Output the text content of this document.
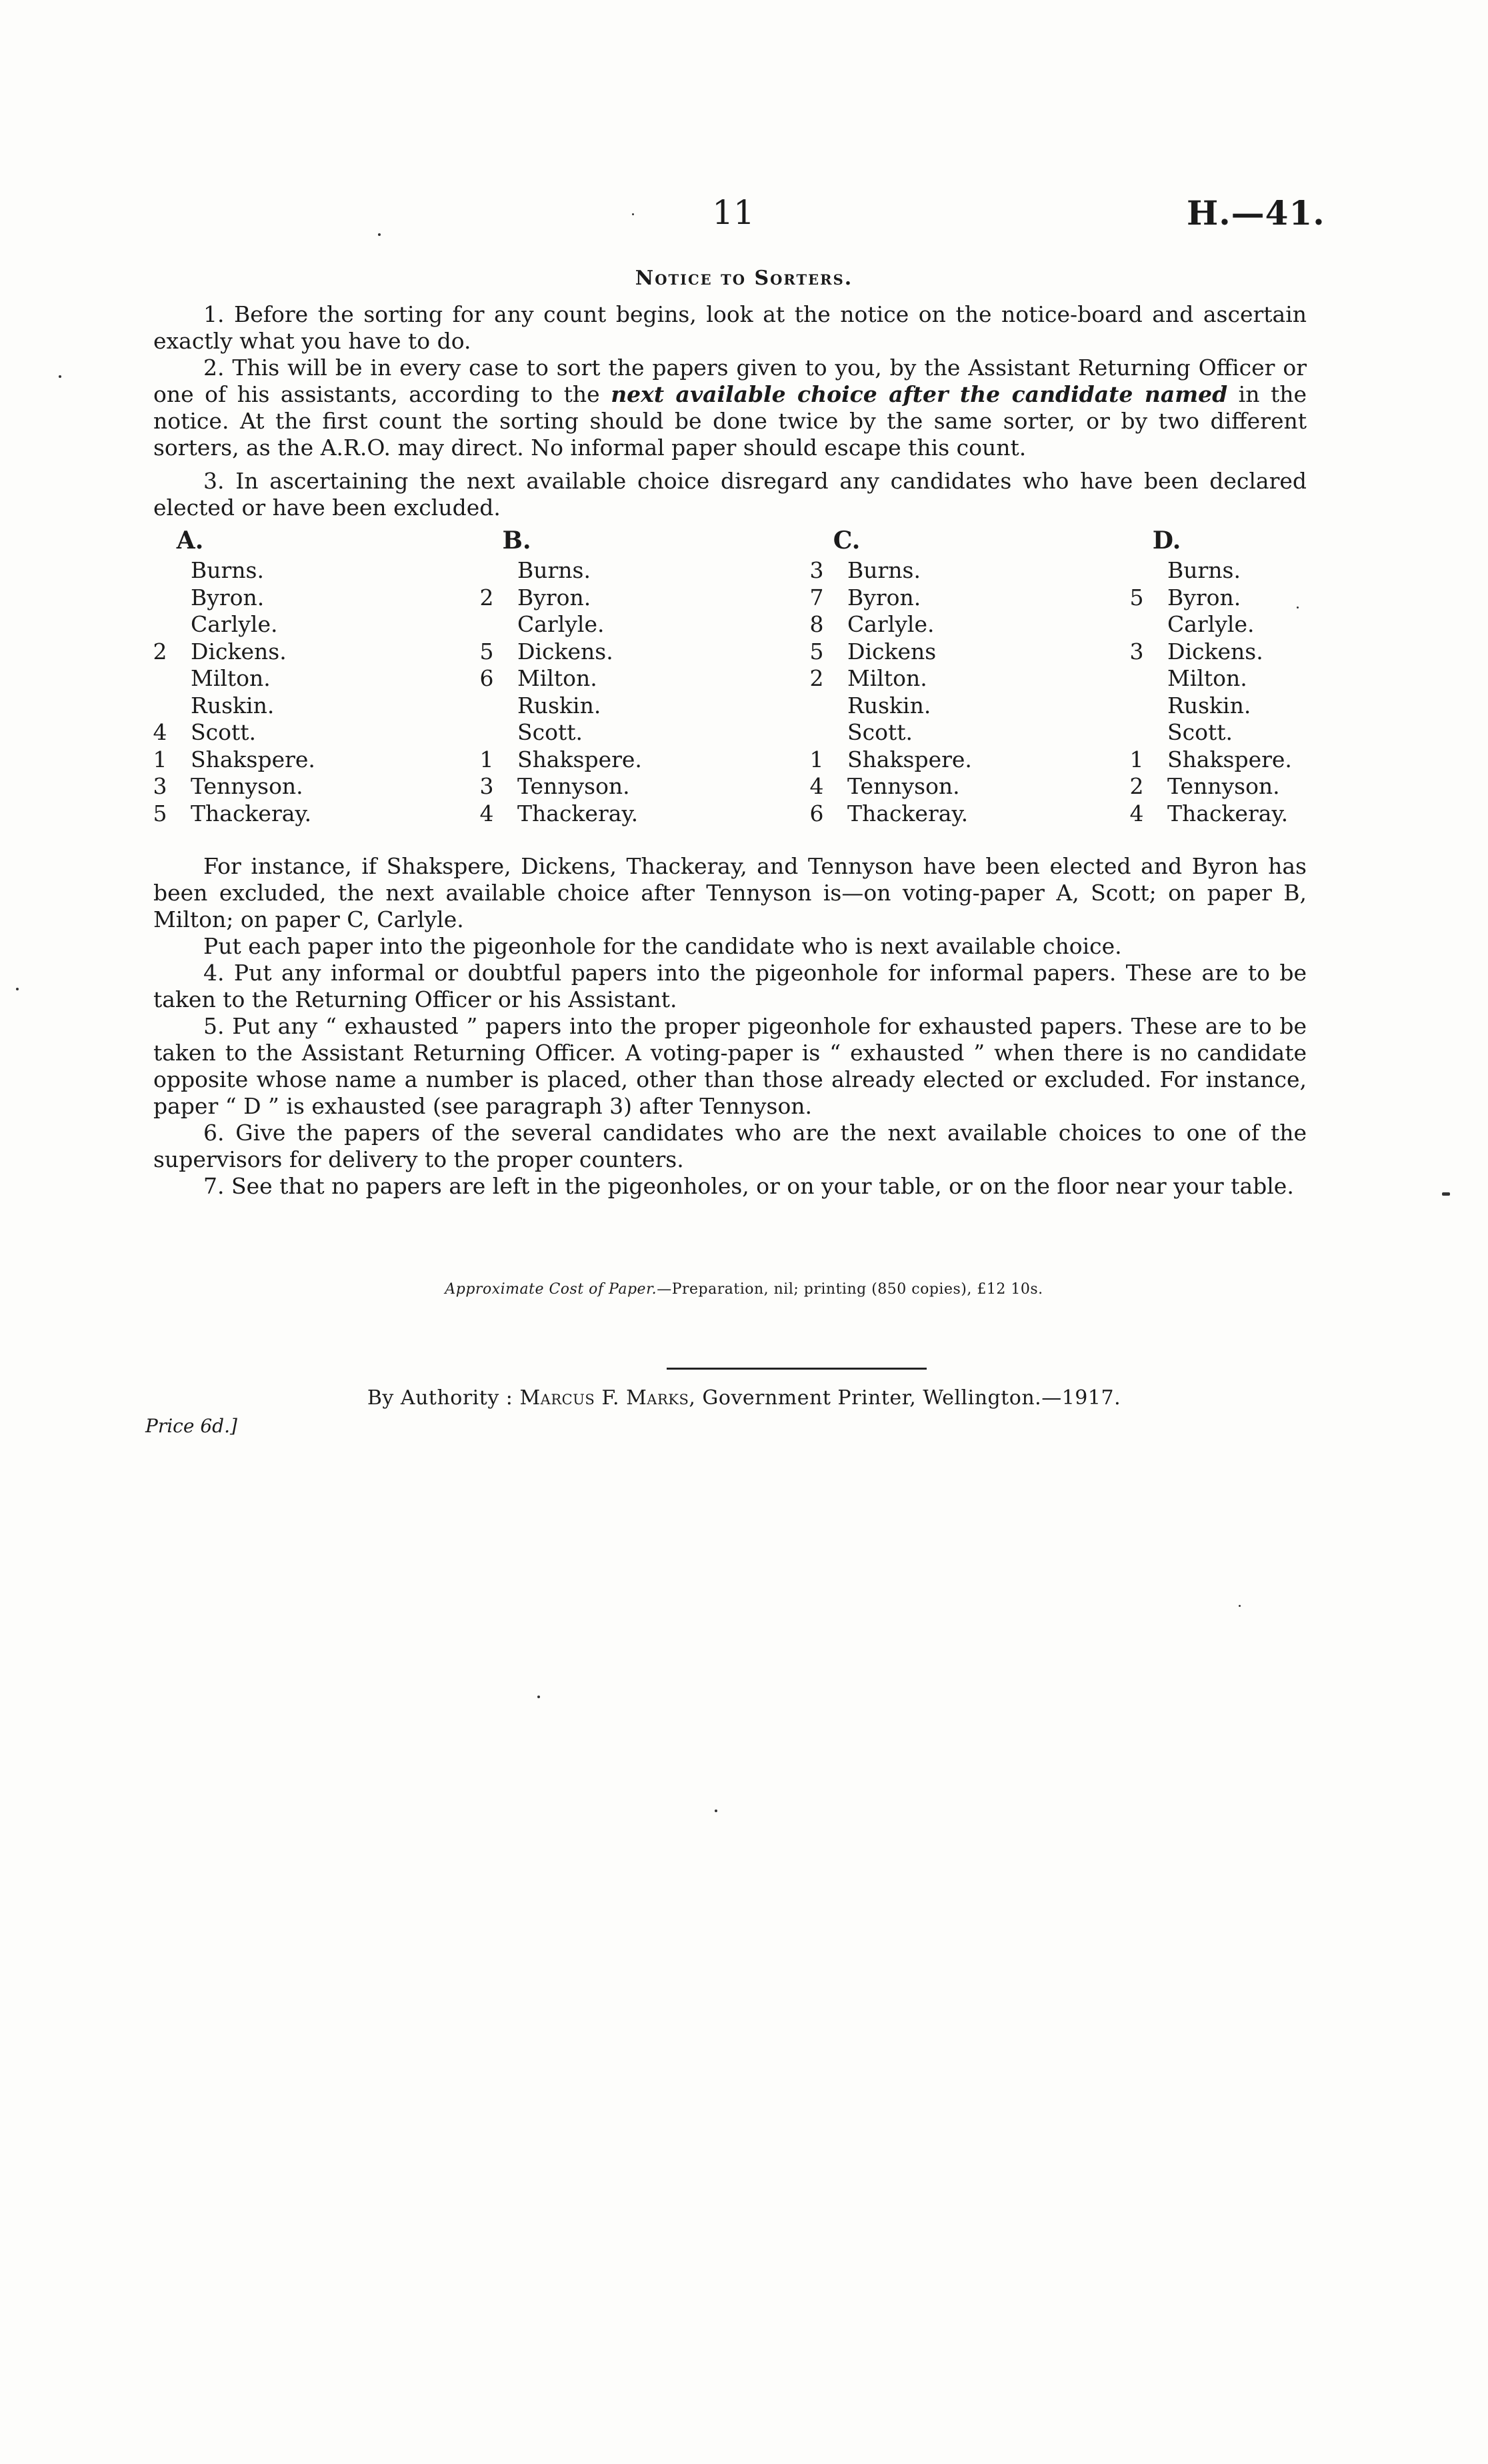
11	H.—41.
Notice to Sorters.
1. Before the sorting for any count begins, look at the notice on the notice-board and ascertain exactly what you have to do.
2. This will be in every case to sort the papers given to you, by the Assistant Returning Officer or one of his assistants, according to the next available choice after the candidate named in the notice. At the first count the sorting should be done twice by the same sorter, or by two different sorters, as the A.R.O. may direct. No informal paper should escape this count.
3. In ascertaining the next available choice disregard any candidates who have been declared elected or have been excluded.
A.
Burns.
Byron.
Carlyle.
2 Dickens.
Milton.
Ruskin.
4 Scott.
1 Shakspere.
3 Tennyson.
5 Thackeray.
B.
Burns.
2 Byron.
Carlyle.
5 Dickens.
6 Milton.
Ruskin.
Scott.
1 Shakspere.
3 Tennyson.
4 Thackeray.
C.
3 Burns.
7 Byron.
8 Carlyle.
5 Dickens
2 Milton.
Ruskin.
Scott.
1 Shakspere.
4 Tennyson.
6 Thackeray.
D.
Burns.
5 Byron.
Carlyle.
3 Dickens.
Milton.
Ruskin.
Scott.
1 Shakspere.
2 Tennyson.
4 Thackeray.
For instance, if Shakspere, Dickens, Thackeray, and Tennyson have been elected and Byron has been excluded, the next available choice after Tennyson is—on voting-paper A, Scott; on paper B, Milton; on paper C, Carlyle.
Put each paper into the pigeonhole for the candidate who is next available choice.
4. Put any informal or doubtful papers into the pigeonhole for informal papers. These are to be taken to the Returning Officer or his Assistant.
5. Put any “ exhausted ” papers into the proper pigeonhole for exhausted papers. These are to be taken to the Assistant Returning Officer. A voting-paper is “ exhausted ” when there is no candidate opposite whose name a number is placed, other than those already elected or excluded. For instance, paper “ D ” is exhausted (see paragraph 3) after Tennyson.
6. Give the papers of the several candidates who are the next available choices to one of the supervisors for delivery to the proper counters.
7. See that no papers are left in the pigeonholes, or on your table, or on the floor near your table.
Approximate Cost of Paper.—Preparation, nil; printing (850 copies), £12 10s.
By Authority : Marcus F. Marks, Government Printer, Wellington.—1917.
Price 6d.]
